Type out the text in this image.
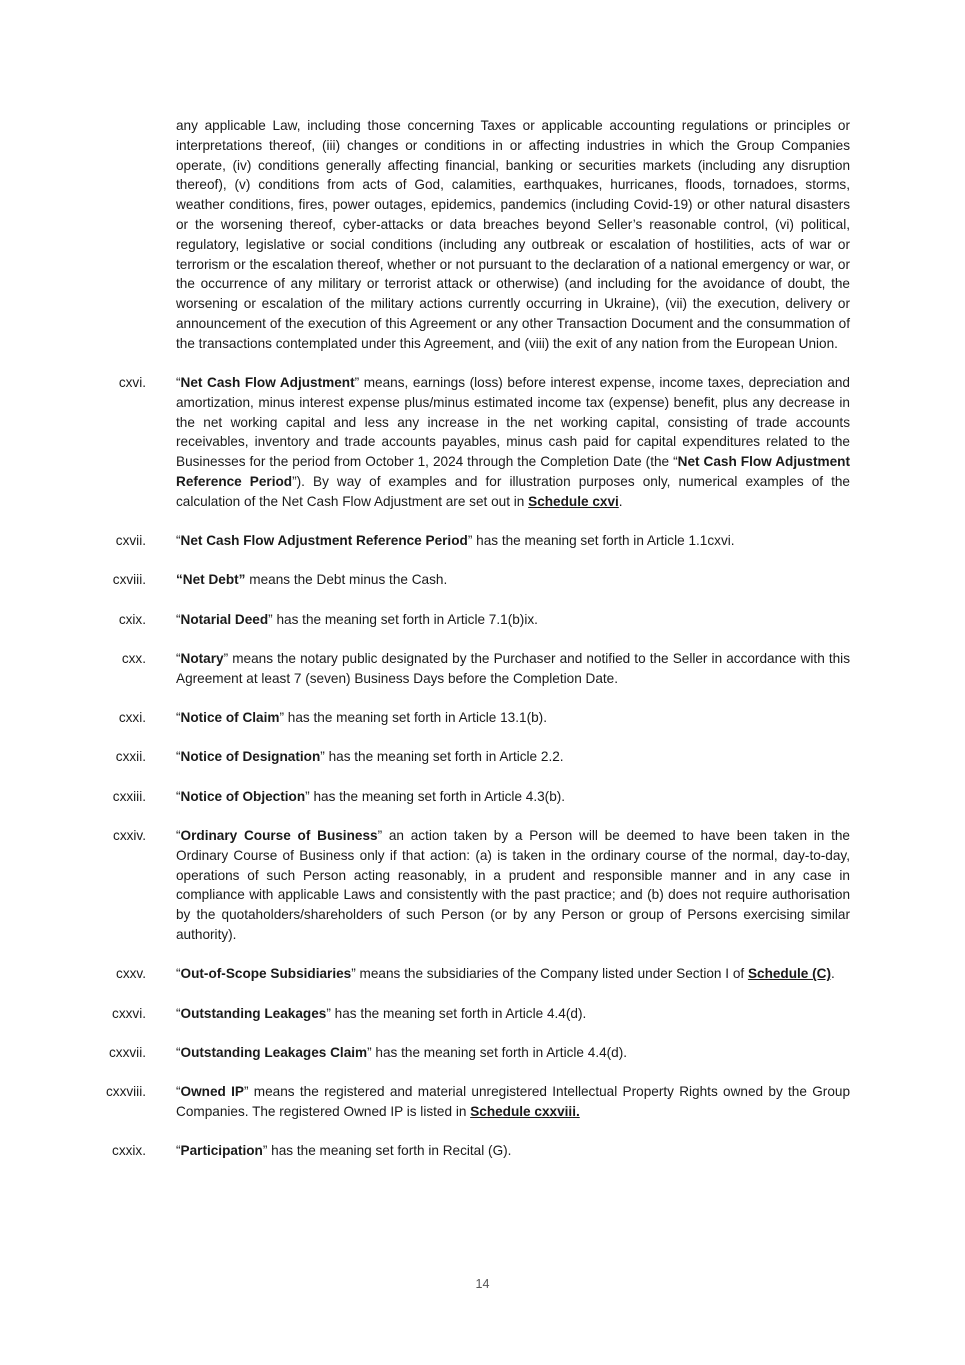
any applicable Law, including those concerning Taxes or applicable accounting regulations or principles or interpretations thereof, (iii) changes or conditions in or affecting industries in which the Group Companies operate, (iv) conditions generally affecting financial, banking or securities markets (including any disruption thereof), (v) conditions from acts of God, calamities, earthquakes, hurricanes, floods, tornadoes, storms, weather conditions, fires, power outages, epidemics, pandemics (including Covid-19) or other natural disasters or the worsening thereof, cyber-attacks or data breaches beyond Seller’s reasonable control, (vi) political, regulatory, legislative or social conditions (including any outbreak or escalation of hostilities, acts of war or terrorism or the escalation thereof, whether or not pursuant to the declaration of a national emergency or war, or the occurrence of any military or terrorist attack or otherwise) (and including for the avoidance of doubt, the worsening or escalation of the military actions currently occurring in Ukraine), (vii) the execution, delivery or announcement of the execution of this Agreement or any other Transaction Document and the consummation of the transactions contemplated under this Agreement, and (viii) the exit of any nation from the European Union.
cxvi. “Net Cash Flow Adjustment” means, earnings (loss) before interest expense, income taxes, depreciation and amortization, minus interest expense plus/minus estimated income tax (expense) benefit, plus any decrease in the net working capital and less any increase in the net working capital, consisting of trade accounts receivables, inventory and trade accounts payables, minus cash paid for capital expenditures related to the Businesses for the period from October 1, 2024 through the Completion Date (the “Net Cash Flow Adjustment Reference Period”). By way of examples and for illustration purposes only, numerical examples of the calculation of the Net Cash Flow Adjustment are set out in Schedule cxvi.
cxvii. “Net Cash Flow Adjustment Reference Period” has the meaning set forth in Article 1.1cxvi.
cxviii. “Net Debt” means the Debt minus the Cash.
cxix. “Notarial Deed” has the meaning set forth in Article 7.1(b)ix.
cxx. “Notary” means the notary public designated by the Purchaser and notified to the Seller in accordance with this Agreement at least 7 (seven) Business Days before the Completion Date.
cxxi. “Notice of Claim” has the meaning set forth in Article 13.1(b).
cxxii. “Notice of Designation” has the meaning set forth in Article 2.2.
cxxiii. “Notice of Objection” has the meaning set forth in Article 4.3(b).
cxxiv. “Ordinary Course of Business” an action taken by a Person will be deemed to have been taken in the Ordinary Course of Business only if that action: (a) is taken in the ordinary course of the normal, day-to-day, operations of such Person acting reasonably, in a prudent and responsible manner and in any case in compliance with applicable Laws and consistently with the past practice; and (b) does not require authorisation by the quotaholders/shareholders of such Person (or by any Person or group of Persons exercising similar authority).
cxxv. “Out-of-Scope Subsidiaries” means the subsidiaries of the Company listed under Section I of Schedule (C).
cxxvi. “Outstanding Leakages” has the meaning set forth in Article 4.4(d).
cxxvii. “Outstanding Leakages Claim” has the meaning set forth in Article 4.4(d).
cxxviii. “Owned IP” means the registered and material unregistered Intellectual Property Rights owned by the Group Companies. The registered Owned IP is listed in Schedule cxxviii.
cxxix. “Participation” has the meaning set forth in Recital (G).
14
